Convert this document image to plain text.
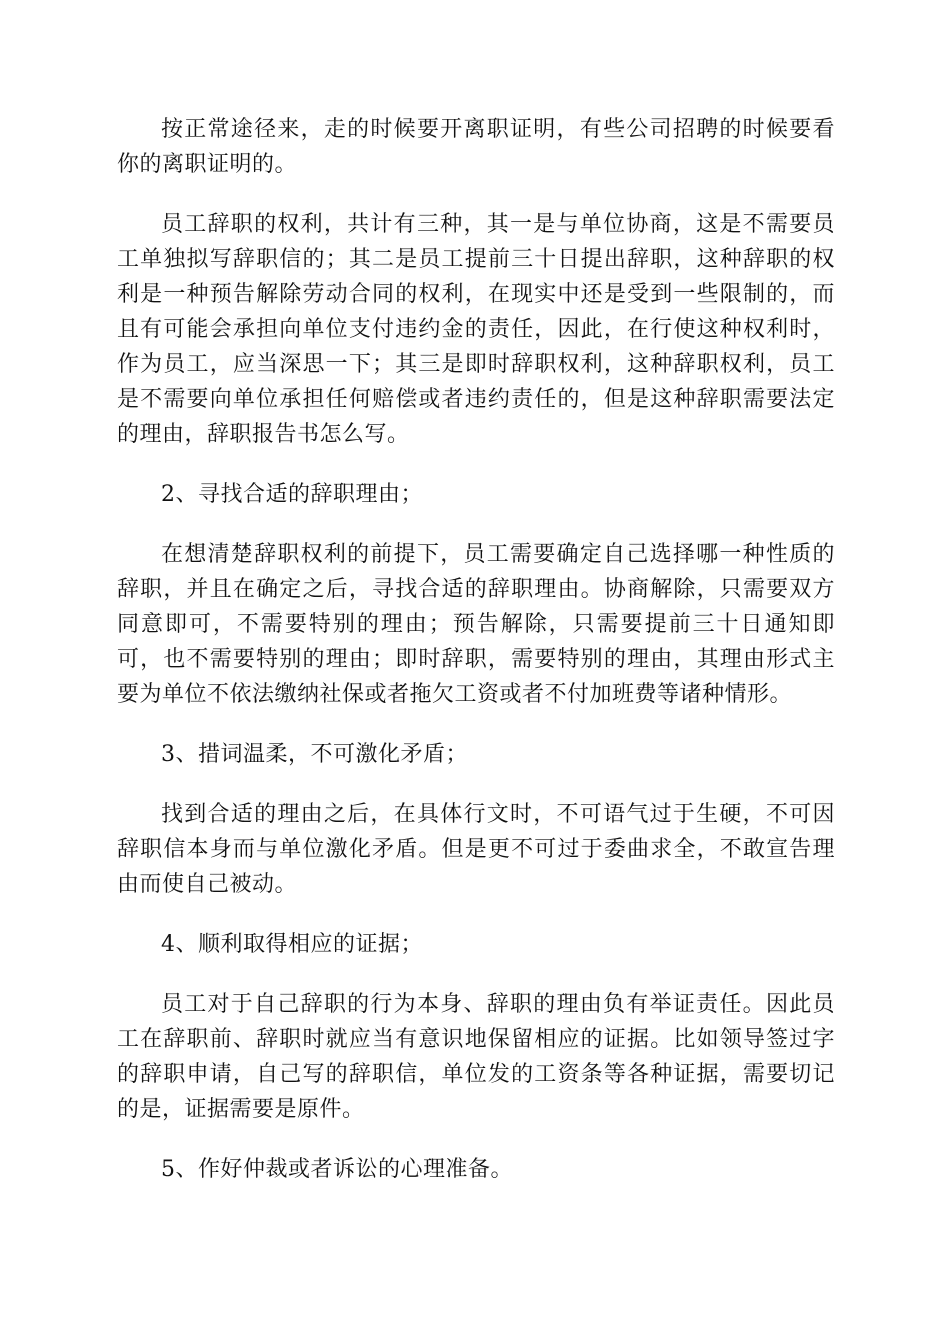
按正常途径来，走的时候要开离职证明，有些公司招聘的时候要看你的离职证明的。

员工辞职的权利，共计有三种，其一是与单位协商，这是不需要员工单独拟写辞职信的；其二是员工提前三十日提出辞职，这种辞职的权利是一种预告解除劳动合同的权利，在现实中还是受到一些限制的，而且有可能会承担向单位支付违约金的责任，因此，在行使这种权利时，作为员工，应当深思一下；其三是即时辞职权利，这种辞职权利，员工是不需要向单位承担任何赔偿或者违约责任的，但是这种辞职需要法定的理由，辞职报告书怎么写。

2、寻找合适的辞职理由；

在想清楚辞职权利的前提下，员工需要确定自己选择哪一种性质的辞职，并且在确定之后，寻找合适的辞职理由。协商解除，只需要双方同意即可，不需要特别的理由；预告解除，只需要提前三十日通知即可，也不需要特别的理由；即时辞职，需要特别的理由，其理由形式主要为单位不依法缴纳社保或者拖欠工资或者不付加班费等诸种情形。

3、措词温柔，不可激化矛盾；

找到合适的理由之后，在具体行文时，不可语气过于生硬，不可因辞职信本身而与单位激化矛盾。但是更不可过于委曲求全，不敢宣告理由而使自己被动。

4、顺利取得相应的证据；

员工对于自己辞职的行为本身、辞职的理由负有举证责任。因此员工在辞职前、辞职时就应当有意识地保留相应的证据。比如领导签过字的辞职申请，自己写的辞职信，单位发的工资条等各种证据，需要切记的是，证据需要是原件。

5、作好仲裁或者诉讼的心理准备。
